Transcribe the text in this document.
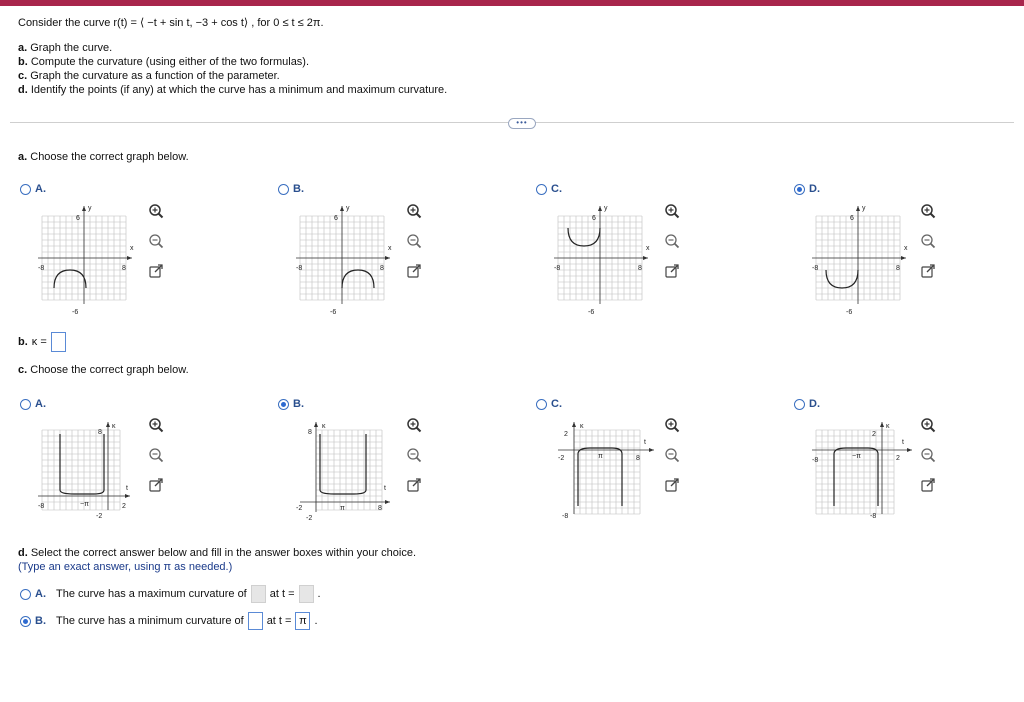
Consider the curve r(t) = ⟨ −t + sin t, −3 + cos t⟩ , for 0 ≤ t ≤ 2π.
a. Graph the curve.
b. Compute the curvature (using either of the two formulas).
c. Graph the curvature as a function of the parameter.
d. Identify the points (if any) at which the curve has a minimum and maximum curvature.
•••
a. Choose the correct graph below.
A.	B.	C.	D.
y
x
6
-8	8
-6
y
x
6
-8	8
-6
y
x
6
-8	8
-6
y
x
6
-8	8
-6
b. κ =
c. Choose the correct graph below.
A.	B.	C.	D.
κ
t
8
-8	−π	2
-2
κ
t
8
-2	π	8
-2
κ
t
2
-2	π	8
-8
κ
t
2
-8
−π	2
-8
d. Select the correct answer below and fill in the answer boxes within your choice.
(Type an exact answer, using π as needed.)
A. The curve has a maximum curvature of at t = .
B. The curve has a minimum curvature of at t = π .
